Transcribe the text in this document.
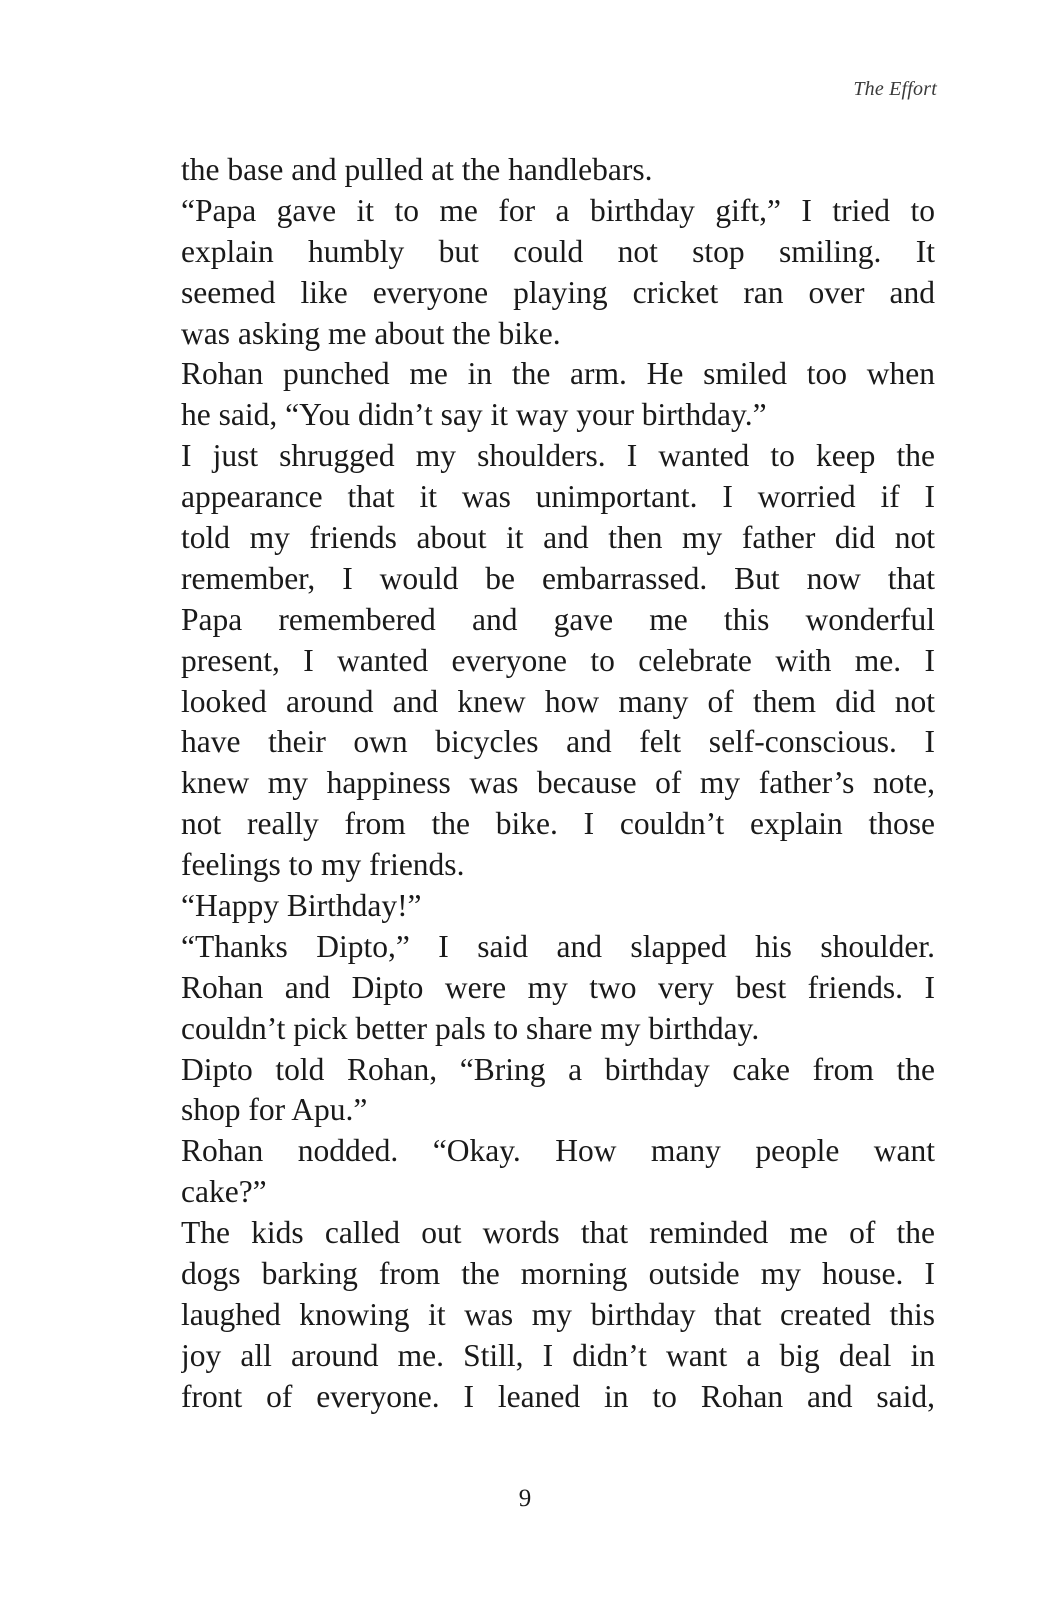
The Effort
the base and pulled at the handlebars.
“Papa gave it to me for a birthday gift,” I tried to
explain humbly but could not stop smiling. It
seemed like everyone playing cricket ran over and
was asking me about the bike.
Rohan punched me in the arm. He smiled too when
he said, “You didn’t say it way your birthday.”
I just shrugged my shoulders. I wanted to keep the
appearance that it was unimportant. I worried if I
told my friends about it and then my father did not
remember, I would be embarrassed. But now that
Papa remembered and gave me this wonderful
present, I wanted everyone to celebrate with me. I
looked around and knew how many of them did not
have their own bicycles and felt self-conscious. I
knew my happiness was because of my father’s note,
not really from the bike. I couldn’t explain those
feelings to my friends.
“Happy Birthday!”
“Thanks Dipto,” I said and slapped his shoulder.
Rohan and Dipto were my two very best friends. I
couldn’t pick better pals to share my birthday.
Dipto told Rohan, “Bring a birthday cake from the
shop for Apu.”
Rohan nodded. “Okay. How many people want
cake?”
The kids called out words that reminded me of the
dogs barking from the morning outside my house. I
laughed knowing it was my birthday that created this
joy all around me. Still, I didn’t want a big deal in
front of everyone. I leaned in to Rohan and said,
9
